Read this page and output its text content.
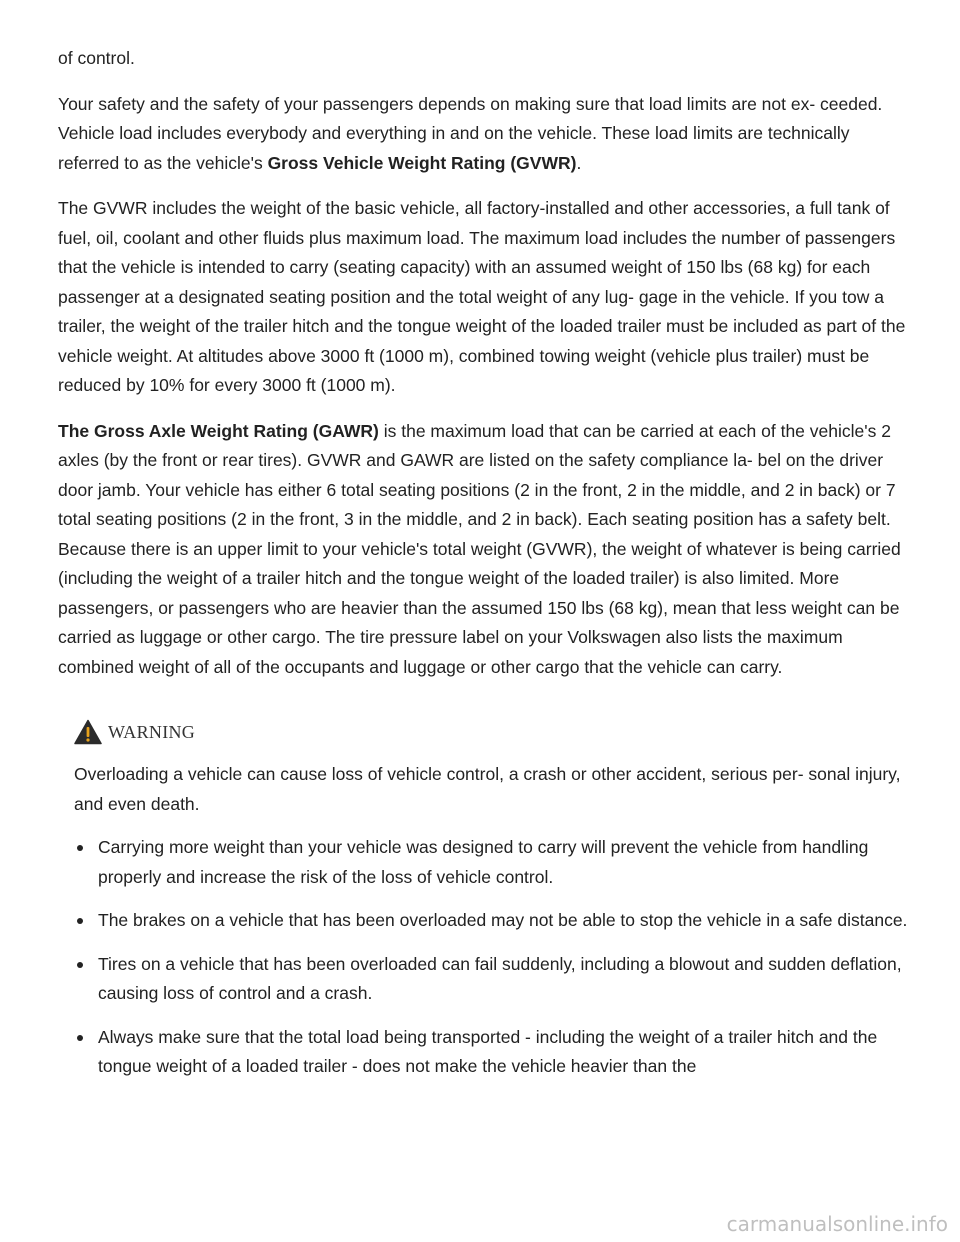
of control.

Your safety and the safety of your passengers depends on making sure that load limits are not ex- ceeded. Vehicle load includes everybody and everything in and on the vehicle. These load limits are technically referred to as the vehicle's Gross Vehicle Weight Rating (GVWR).

The GVWR includes the weight of the basic vehicle, all factory-installed and other accessories, a full tank of fuel, oil, coolant and other fluids plus maximum load. The maximum load includes the number of passengers that the vehicle is intended to carry (seating capacity) with an assumed weight of 150 lbs (68 kg) for each passenger at a designated seating position and the total weight of any lug- gage in the vehicle. If you tow a trailer, the weight of the trailer hitch and the tongue weight of the loaded trailer must be included as part of the vehicle weight. At altitudes above 3000 ft (1000 m), combined towing weight (vehicle plus trailer) must be reduced by 10% for every 3000 ft (1000 m).

The Gross Axle Weight Rating (GAWR) is the maximum load that can be carried at each of the vehicle's 2 axles (by the front or rear tires). GVWR and GAWR are listed on the safety compliance la- bel on the driver door jamb. Your vehicle has either 6 total seating positions (2 in the front, 2 in the middle, and 2 in back) or 7 total seating positions (2 in the front, 3 in the middle, and 2 in back). Each seating position has a safety belt. Because there is an upper limit to your vehicle's total weight (GVWR), the weight of whatever is being carried (including the weight of a trailer hitch and the tongue weight of the loaded trailer) is also limited. More passengers, or passengers who are heavier than the assumed 150 lbs (68 kg), mean that less weight can be carried as luggage or other cargo. The tire pressure label on your Volkswagen also lists the maximum combined weight of all of the occupants and luggage or other cargo that the vehicle can carry.

WARNING

Overloading a vehicle can cause loss of vehicle control, a crash or other accident, serious per- sonal injury, and even death.

Carrying more weight than your vehicle was designed to carry will prevent the vehicle from handling properly and increase the risk of the loss of vehicle control.
The brakes on a vehicle that has been overloaded may not be able to stop the vehicle in a safe distance.
Tires on a vehicle that has been overloaded can fail suddenly, including a blowout and sudden deflation, causing loss of control and a crash.
Always make sure that the total load being transported - including the weight of a trailer hitch and the tongue weight of a loaded trailer - does not make the vehicle heavier than the
carmanualsonline.info
